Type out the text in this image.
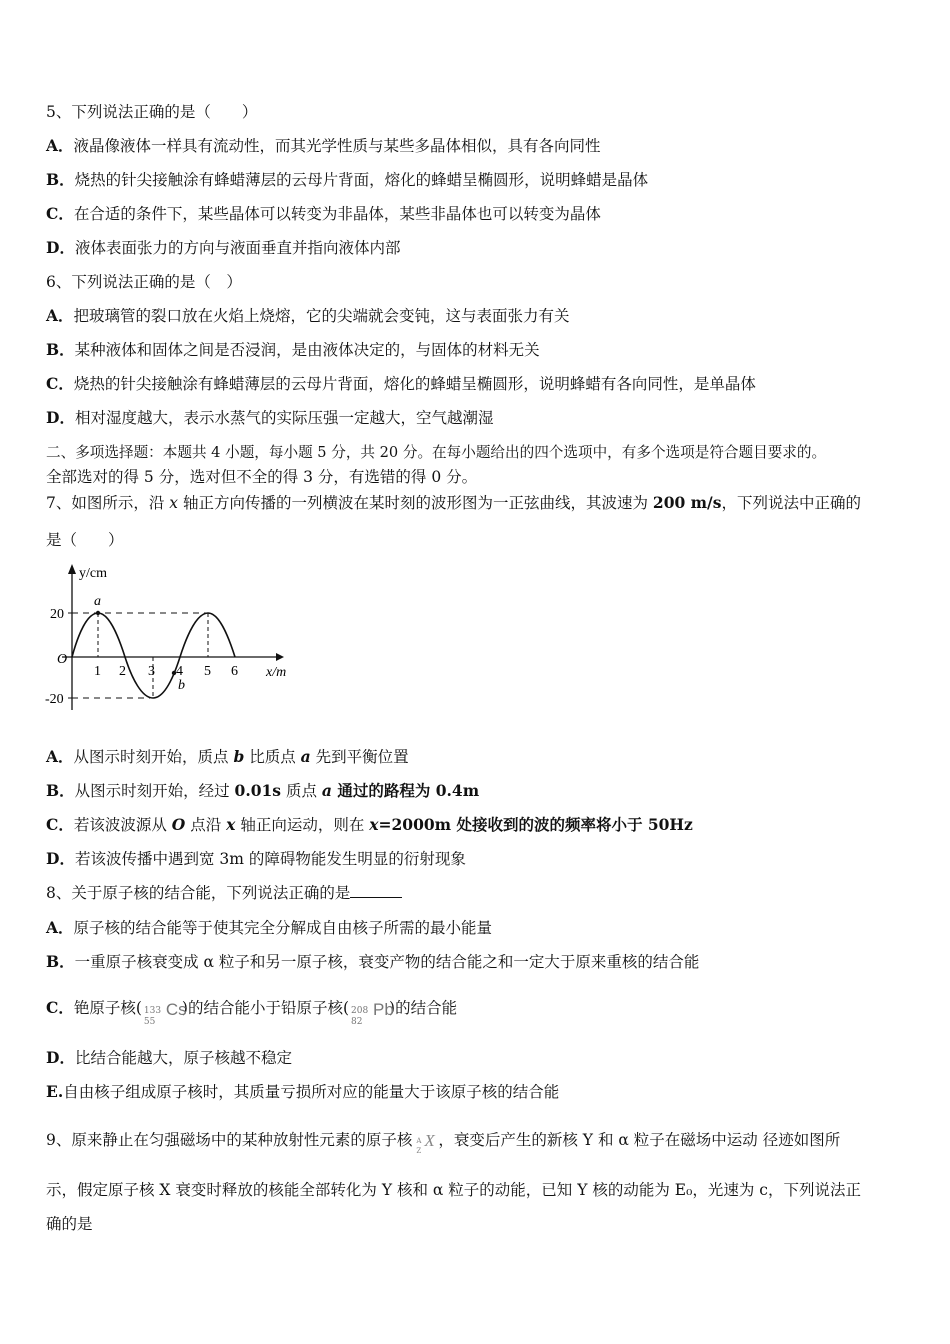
5、下列说法正确的是（　　）
A．液晶像液体一样具有流动性，而其光学性质与某些多晶体相似，具有各向同性
B．烧热的针尖接触涂有蜂蜡薄层的云母片背面，熔化的蜂蜡呈椭圆形，说明蜂蜡是晶体
C．在合适的条件下，某些晶体可以转变为非晶体，某些非晶体也可以转变为晶体
D．液体表面张力的方向与液面垂直并指向液体内部
6、下列说法正确的是（　）
A．把玻璃管的裂口放在火焰上烧熔，它的尖端就会变钝，这与表面张力有关
B．某种液体和固体之间是否浸润，是由液体决定的，与固体的材料无关
C．烧热的针尖接触涂有蜂蜡薄层的云母片背面，熔化的蜂蜡呈椭圆形，说明蜂蜡有各向同性，是单晶体
D．相对湿度越大，表示水蒸气的实际压强一定越大，空气越潮湿
二、多项选择题：本题共 4 小题，每小题 5 分，共 20 分。在每小题给出的四个选项中，有多个选项是符合题目要求的。
全部选对的得 5 分，选对但不全的得 3 分，有选错的得 0 分。
7、如图所示，沿 x 轴正方向传播的一列横波在某时刻的波形图为一正弦曲线，其波速为 200 m/s，下列说法中正确的
是（　　）
y/cm
x/m
O
20
-20
1 2 3 4 5 6
a
b
A．从图示时刻开始，质点 b 比质点 a 先到平衡位置
B．从图示时刻开始，经过 0.01s 质点 a 通过的路程为 0.4m
C．若该波波源从 O 点沿 x 轴正向运动，则在 x=2000m 处接收到的波的频率将小于 50Hz
D．若该波传播中遇到宽 3m 的障碍物能发生明显的衍射现象
8、关于原子核的结合能，下列说法正确的是
A．原子核的结合能等于使其完全分解成自由核子所需的最小能量
B．一重原子核衰变成 α 粒子和另一原子核，衰变产物的结合能之和一定大于原来重核的结合能
C．铯原子核( 133
55
Cs
)的结合能小于铅原子核( 208
82
Pb
)的结合能
D．比结合能越大，原子核越不稳定
E.自由核子组成原子核时，其质量亏损所对应的能量大于该原子核的结合能
9、原来静止在匀强磁场中的某种放射性元素的原子核 A
Z
X ，衰变后产生的新核 Y 和 α 粒子在磁场中运动 径迹如图所
示，假定原子核 X 衰变时释放的核能全部转化为 Y 核和 α 粒子的动能，已知 Y 核的动能为 E₀，光速为 c，下列说法正
确的是
